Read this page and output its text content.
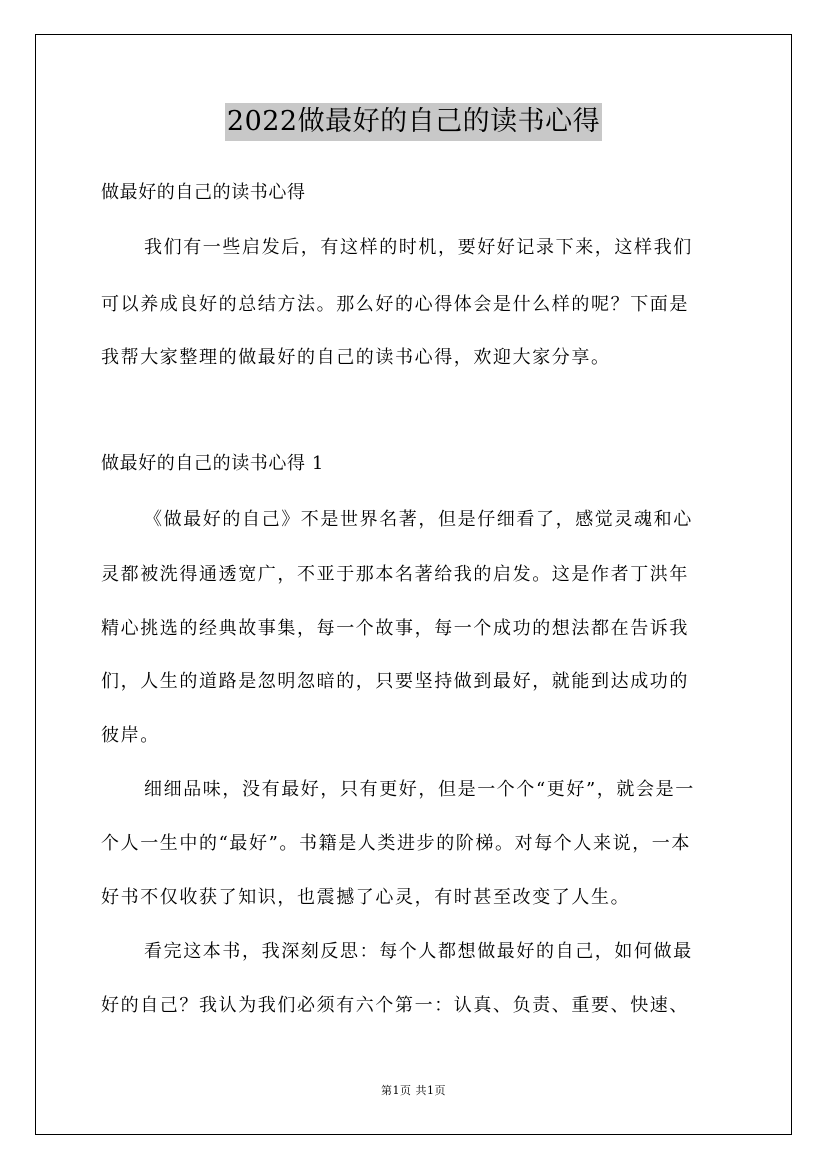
2022做最好的自己的读书心得
做最好的自己的读书心得
我们有一些启发后，有这样的时机，要好好记录下来，这样我们
可以养成良好的总结方法。那么好的心得体会是什么样的呢？下面是
我帮大家整理的做最好的自己的读书心得，欢迎大家分享。
做最好的自己的读书心得 1
《做最好的自己》不是世界名著，但是仔细看了，感觉灵魂和心
灵都被洗得通透宽广，不亚于那本名著给我的启发。这是作者丁洪年
精心挑选的经典故事集，每一个故事，每一个成功的想法都在告诉我
们，人生的道路是忽明忽暗的，只要坚持做到最好，就能到达成功的
彼岸。
细细品味，没有最好，只有更好，但是一个个“更好”，就会是一
个人一生中的“最好”。书籍是人类进步的阶梯。对每个人来说，一本
好书不仅收获了知识，也震撼了心灵，有时甚至改变了人生。
看完这本书，我深刻反思：每个人都想做最好的自己，如何做最
好的自己？我认为我们必须有六个第一：认真、负责、重要、快速、
第1页 共1页
